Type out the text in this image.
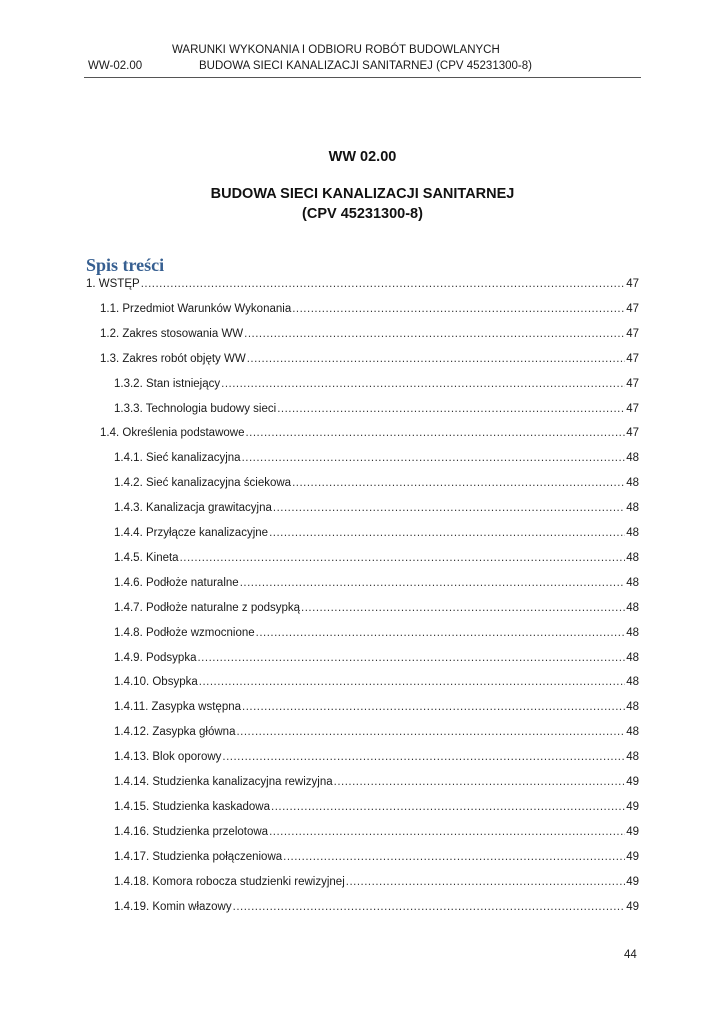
WARUNKI WYKONANIA I ODBIORU ROBÓT BUDOWLANYCH
WW-02.00	BUDOWA SIECI KANALIZACJI SANITARNEJ (CPV 45231300-8)
WW 02.00
BUDOWA SIECI KANALIZACJI SANITARNEJ
(CPV 45231300-8)
Spis treści
1. WSTĘP .....	47
1.1. Przedmiot Warunków Wykonania .....	47
1.2. Zakres stosowania WW .....	47
1.3. Zakres robót objęty WW .....	47
1.3.2. Stan istniejący .....	47
1.3.3. Technologia budowy sieci .....	47
1.4. Określenia podstawowe .....	47
1.4.1. Sieć kanalizacyjna .....	48
1.4.2. Sieć kanalizacyjna ściekowa .....	48
1.4.3. Kanalizacja grawitacyjna .....	48
1.4.4. Przyłącze kanalizacyjne .....	48
1.4.5. Kineta .....	48
1.4.6. Podłoże naturalne .....	48
1.4.7. Podłoże naturalne z podsypką .....	48
1.4.8. Podłoże wzmocnione .....	48
1.4.9. Podsypka .....	48
1.4.10. Obsypka .....	48
1.4.11. Zasypka wstępna .....	48
1.4.12. Zasypka główna .....	48
1.4.13. Blok oporowy .....	48
1.4.14. Studzienka kanalizacyjna rewizyjna .....	49
1.4.15. Studzienka kaskadowa .....	49
1.4.16. Studzienka przelotowa .....	49
1.4.17. Studzienka połączeniowa .....	49
1.4.18. Komora robocza studzienki rewizyjnej .....	49
1.4.19. Komin włazowy .....	49
44
